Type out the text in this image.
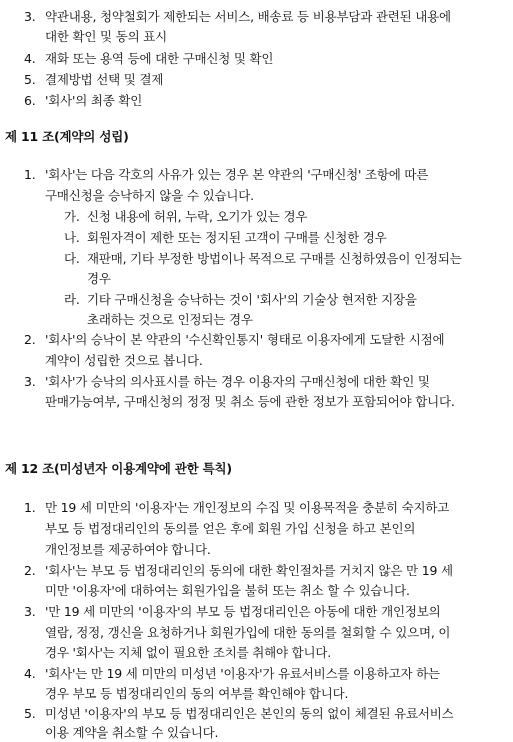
3. 약관내용, 청약철회가 제한되는 서비스, 배송료 등 비용부담과 관련된 내용에
대한 확인 및 동의 표시
4. 재화 또는 용역 등에 대한 구매신청 및 확인
5. 결제방법 선택 및 결제
6. '회사'의 최종 확인
제 11 조(계약의 성립)
1. '회사'는 다음 각호의 사유가 있는 경우 본 약관의 '구매신청' 조항에 따른
구매신청을 승낙하지 않을 수 있습니다.
가. 신청 내용에 허위, 누락, 오기가 있는 경우
나. 회원자격이 제한 또는 정지된 고객이 구매를 신청한 경우
다. 재판매, 기타 부정한 방법이나 목적으로 구매를 신청하였음이 인정되는
경우
라. 기타 구매신청을 승낙하는 것이 '회사'의 기술상 현저한 지장을
초래하는 것으로 인정되는 경우
2. '회사'의 승낙이 본 약관의 '수신확인통지' 형태로 이용자에게 도달한 시점에
계약이 성립한 것으로 봅니다.
3. '회사'가 승낙의 의사표시를 하는 경우 이용자의 구매신청에 대한 확인 및
판매가능여부, 구매신청의 정정 및 취소 등에 관한 정보가 포함되어야 합니다.
제 12 조(미성년자 이용계약에 관한 특칙)
1. 만 19 세 미만의 '이용자'는 개인정보의 수집 및 이용목적을 충분히 숙지하고
부모 등 법정대리인의 동의를 얻은 후에 회원 가입 신청을 하고 본인의
개인정보를 제공하여야 합니다.
2. '회사'는 부모 등 법정대리인의 동의에 대한 확인절차를 거치지 않은 만 19 세
미만 '이용자'에 대하여는 회원가입을 불허 또는 취소 할 수 있습니다.
3. '만 19 세 미만의 '이용자'의 부모 등 법정대리인은 아동에 대한 개인정보의
열람, 정정, 갱신을 요청하거나 회원가입에 대한 동의를 철회할 수 있으며, 이
경우 '회사'는 지체 없이 필요한 조치를 취해야 합니다.
4. '회사'는 만 19 세 미만의 미성년 '이용자'가 유료서비스를 이용하고자 하는
경우 부모 등 법정대리인의 동의 여부를 확인해야 합니다.
5. 미성년 '이용자'의 부모 등 법정대리인은 본인의 동의 없이 체결된 유료서비스
이용 계약을 취소할 수 있습니다.
